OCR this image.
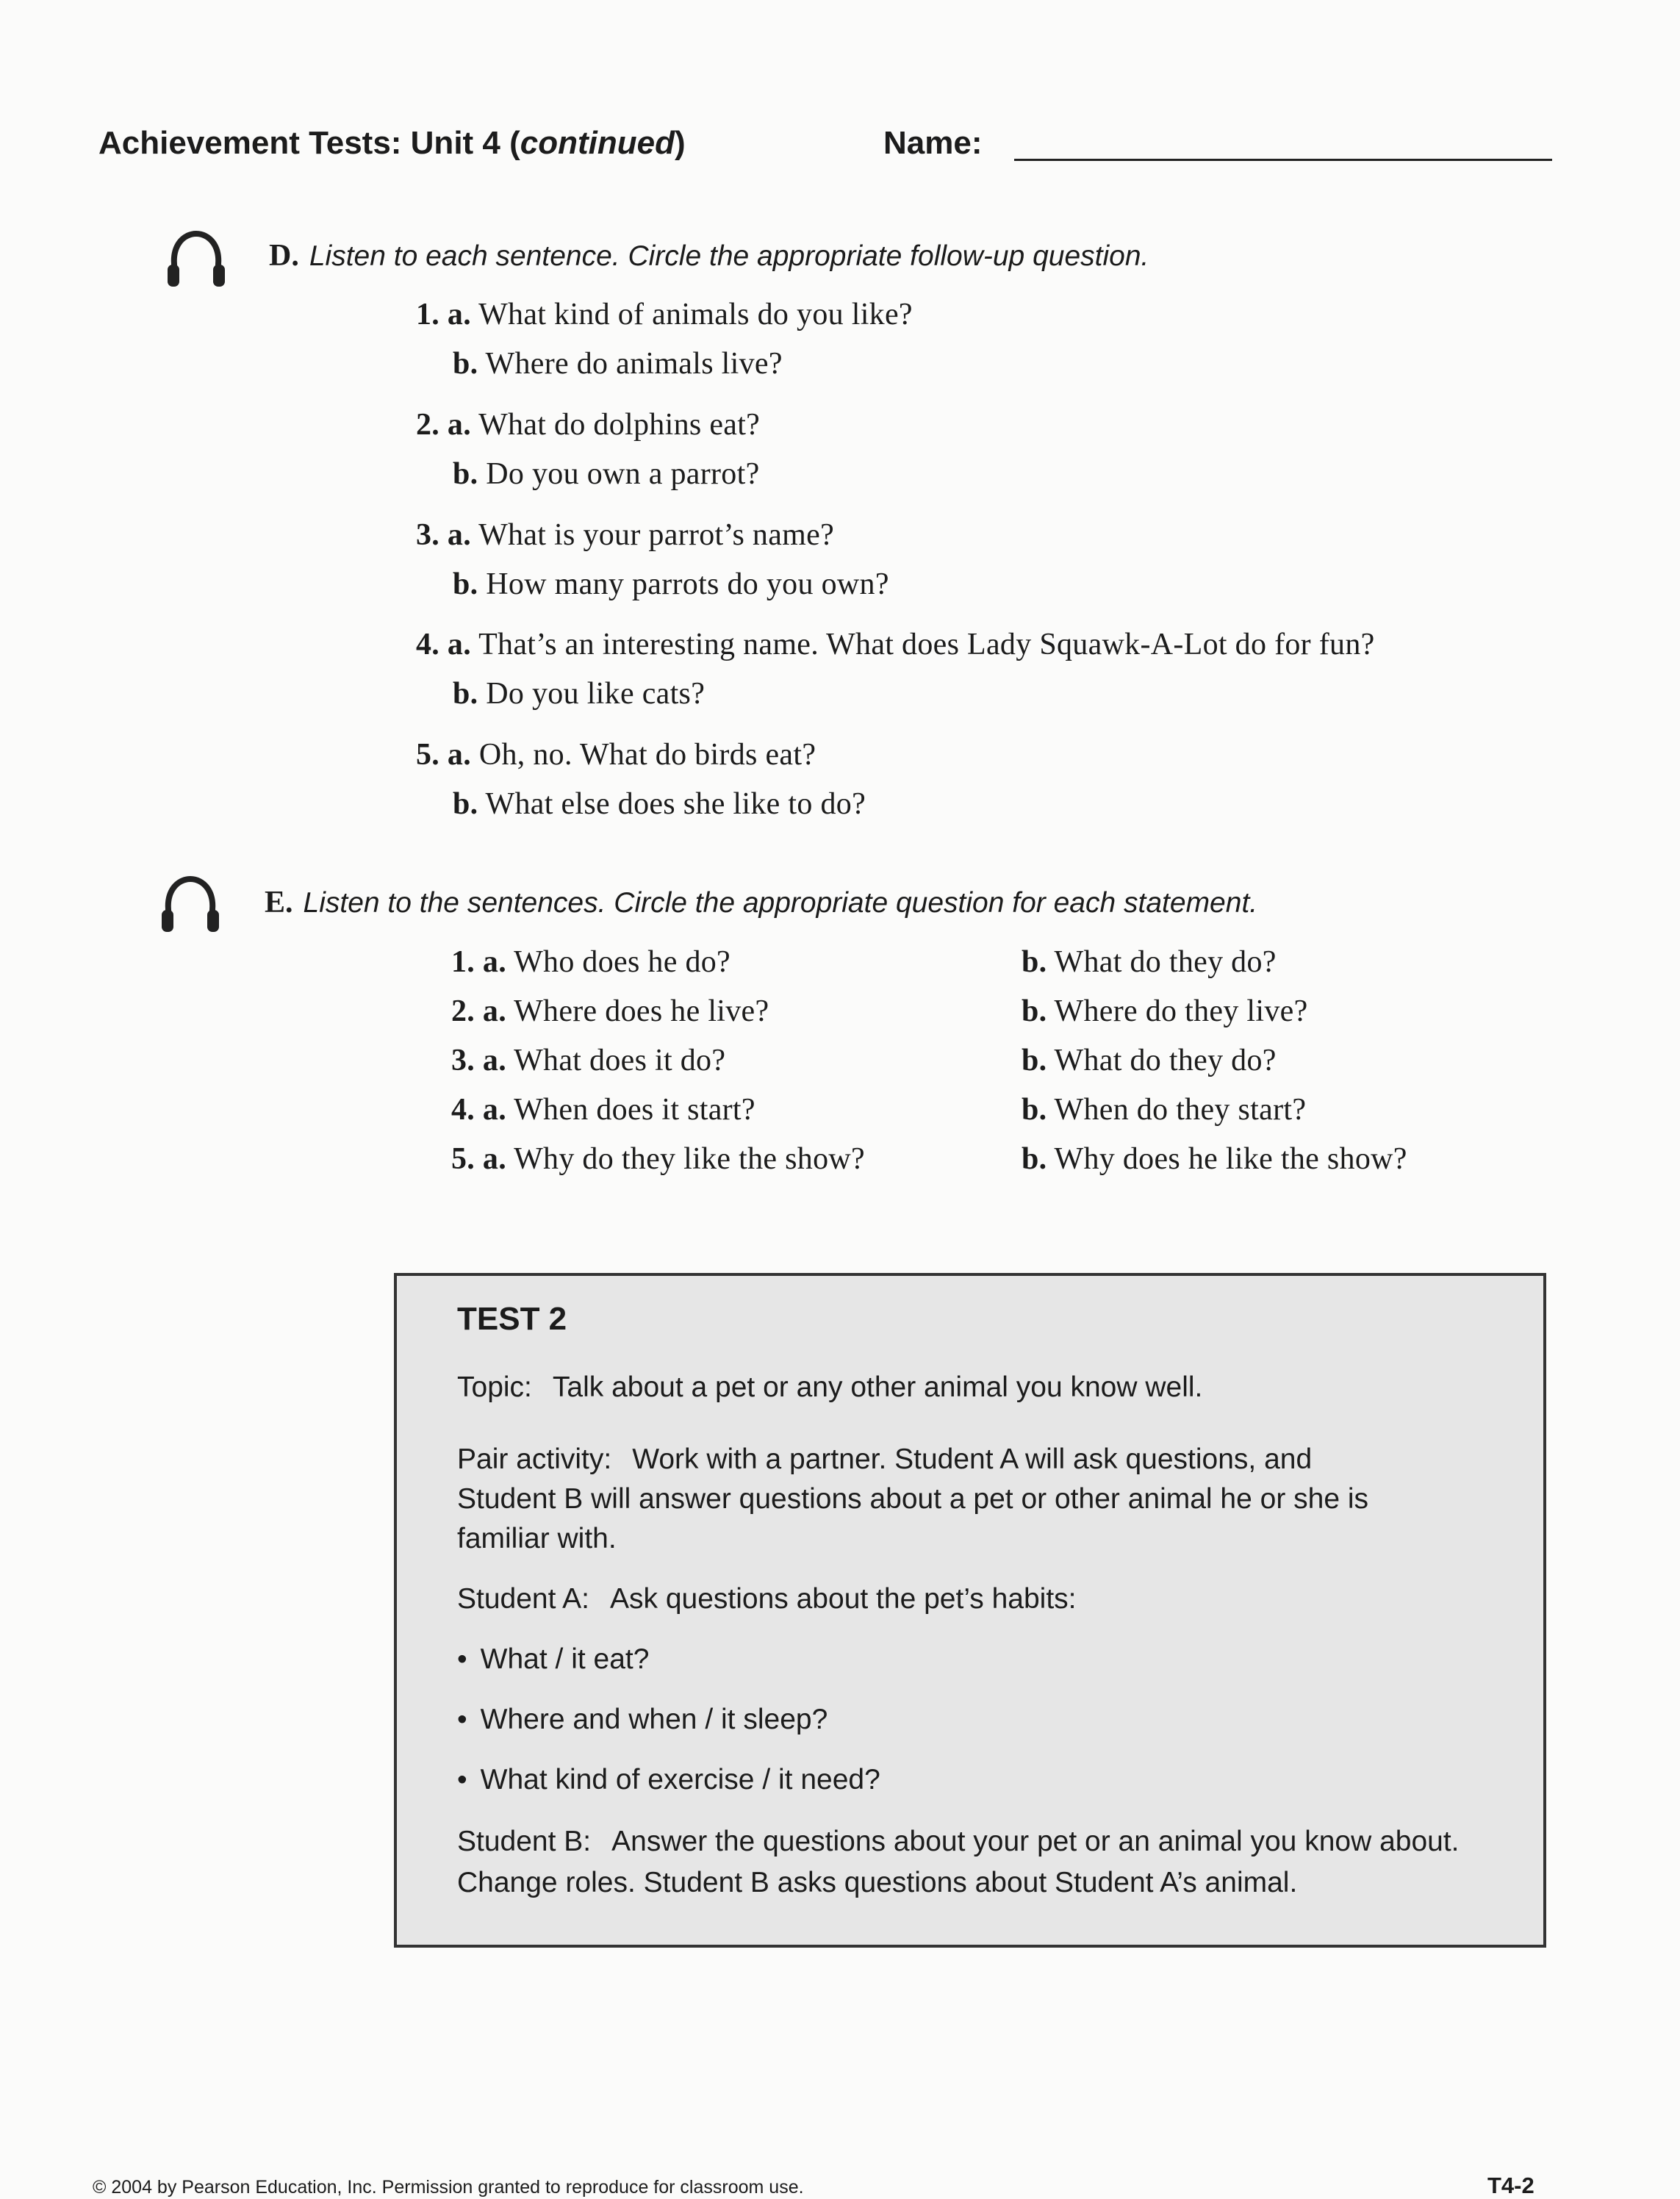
Achievement Tests: Unit 4 (continued)	Name:
D. Listen to each sentence. Circle the appropriate follow-up question.
1. a. What kind of animals do you like?
b. Where do animals live?
2. a. What do dolphins eat?
b. Do you own a parrot?
3. a. What is your parrot’s name?
b. How many parrots do you own?
4. a. That’s an interesting name. What does Lady Squawk-A-Lot do for fun?
b. Do you like cats?
5. a. Oh, no. What do birds eat?
b. What else does she like to do?
E. Listen to the sentences. Circle the appropriate question for each statement.
1. a. Who does he do?	b. What do they do?
2. a. Where does he live?	b. Where do they live?
3. a. What does it do?	b. What do they do?
4. a. When does it start?	b. When do they start?
5. a. Why do they like the show?	b. Why does he like the show?
TEST 2
Topic: Talk about a pet or any other animal you know well.
Pair activity: Work with a partner. Student A will ask questions, and
Student B will answer questions about a pet or other animal he or she is
familiar with.
Student A: Ask questions about the pet’s habits:
• What / it eat?
• Where and when / it sleep?
• What kind of exercise / it need?
Student B: Answer the questions about your pet or an animal you know about.
Change roles. Student B asks questions about Student A’s animal.
© 2004 by Pearson Education, Inc. Permission granted to reproduce for classroom use.	T4-2
